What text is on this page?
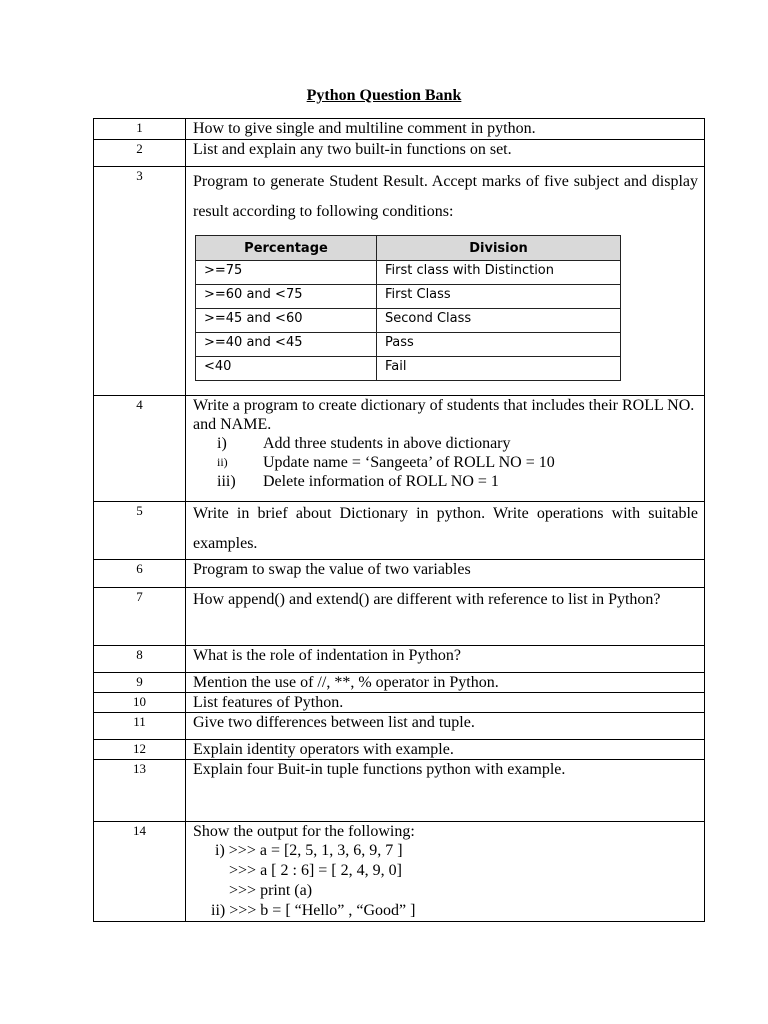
Python Question Bank
1	How to give single and multiline comment in python.
2	List and explain any two built-in functions on set.
3	Program to generate Student Result. Accept marks of five subject and display result according to following conditions:
Percentage	Division
>=75	First class with Distinction
>=60 and <75	First Class
>=45 and <60	Second Class
>=40 and <45	Pass
<40	Fail

4	Write a program to create dictionary of students that includes their ROLL NO. and NAME.
i)	Add three students in above dictionary
ii)	Update name = ‘Sangeeta’ of ROLL NO = 10
iii)	Delete information of ROLL NO = 1

5	Write in brief about Dictionary in python. Write operations with suitable examples.

6	Program to swap the value of two variables
7	How append() and extend() are different with reference to list in Python?

8	What is the role of indentation in Python?
9	Mention the use of //, **, % operator in Python.
10	List features of Python.
11	Give two differences between list and tuple.
12	Explain identity operators with example.
13	Explain four Buit-in tuple functions python with example.
14	Show the output for the following:
i) >>> a = [2, 5, 1, 3, 6, 9, 7 ]
>>> a [ 2 : 6] = [ 2, 4, 9, 0]
>>> print (a)
ii) >>> b = [ “Hello” , “Good” ]
